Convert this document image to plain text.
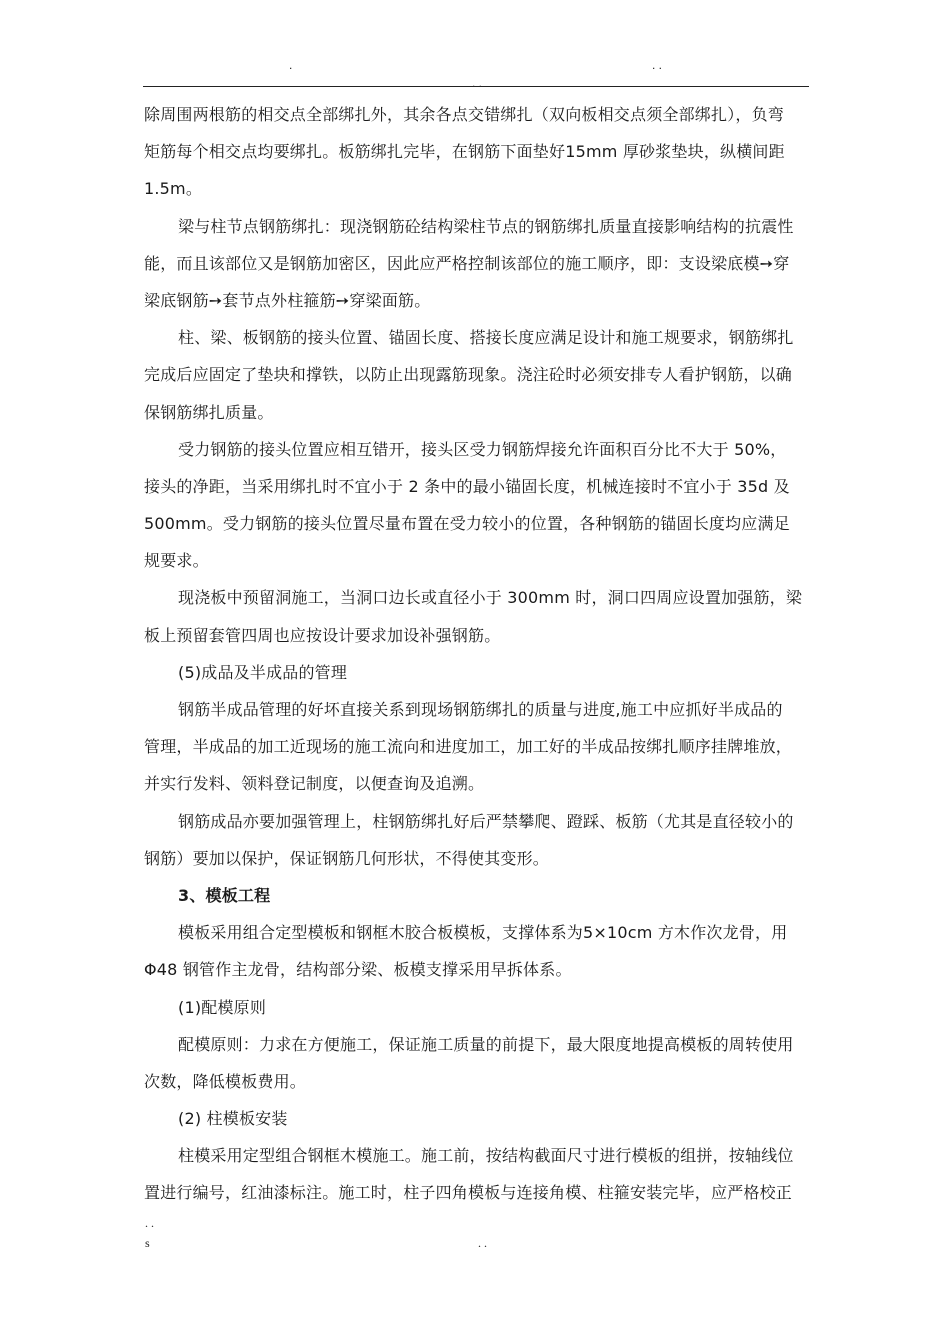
.
. .
. .
除周围两根筋的相交点全部绑扎外，其余各点交错绑扎（双向板相交点须全部绑扎），负弯
矩筋每个相交点均要绑扎。板筋绑扎完毕，在钢筋下面垫好15mm 厚砂浆垫块，纵横间距
1.5m。
梁与柱节点钢筋绑扎：现浇钢筋砼结构梁柱节点的钢筋绑扎质量直接影响结构的抗震性
能，而且该部位又是钢筋加密区，因此应严格控制该部位的施工顺序，即：支设梁底模➙穿
梁底钢筋➙套节点外柱箍筋➙穿梁面筋。
柱、梁、板钢筋的接头位置、锚固长度、搭接长度应满足设计和施工规要求，钢筋绑扎
完成后应固定了垫块和撑铁，以防止出现露筋现象。浇注砼时必须安排专人看护钢筋，以确
保钢筋绑扎质量。
受力钢筋的接头位置应相互错开，接头区受力钢筋焊接允许面积百分比不大于 50%，
接头的净距，当采用绑扎时不宜小于 2 条中的最小锚固长度，机械连接时不宜小于 35d 及
500mm。受力钢筋的接头位置尽量布置在受力较小的位置，各种钢筋的锚固长度均应满足
规要求。
现浇板中预留洞施工，当洞口边长或直径小于 300mm 时，洞口四周应设置加强筋，梁
板上预留套管四周也应按设计要求加设补强钢筋。
(5)成品及半成品的管理
钢筋半成品管理的好坏直接关系到现场钢筋绑扎的质量与进度,施工中应抓好半成品的
管理，半成品的加工近现场的施工流向和进度加工，加工好的半成品按绑扎顺序挂牌堆放，
并实行发料、领料登记制度，以便查询及追溯。
钢筋成品亦要加强管理上，柱钢筋绑扎好后严禁攀爬、蹬踩、板筋（尤其是直径较小的
钢筋）要加以保护，保证钢筋几何形状，不得使其变形。
3、模板工程
模板采用组合定型模板和钢框木胶合板模板，支撑体系为5×10cm 方木作次龙骨，用
Φ48 钢管作主龙骨，结构部分梁、板模支撑采用早拆体系。
(1)配模原则
配模原则：力求在方便施工，保证施工质量的前提下，最大限度地提高模板的周转使用
次数，降低模板费用。
(2) 柱模板安装
柱模采用定型组合钢框木模施工。施工前，按结构截面尺寸进行模板的组拼，按轴线位
置进行编号，红油漆标注。施工时，柱子四角模板与连接角模、柱箍安装完毕，应严格校正
. .
s	. .
